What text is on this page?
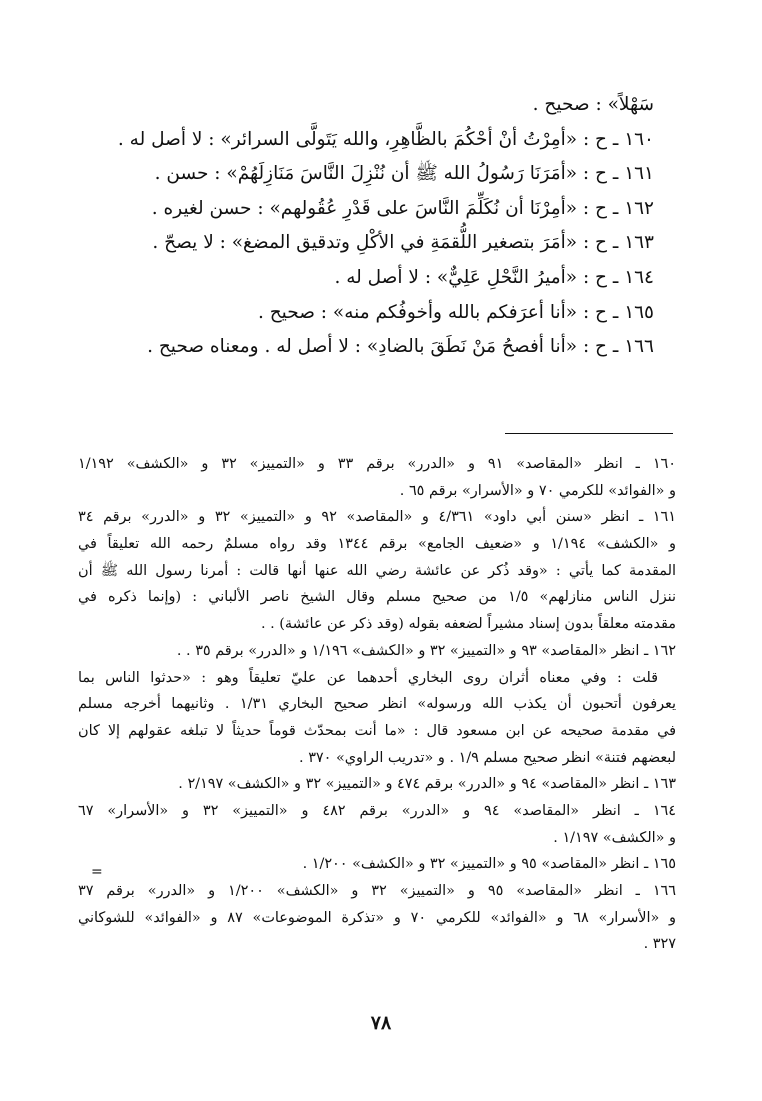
سَهْلاً» : صحيح .
١٦٠ ـ ح : «أمِرْتُ أنْ أحْكُمَ بالظَّاهِرِ، والله يَتَولَّى السرائر» : لا أصل له .
١٦١ ـ ح : «أمَرَنَا رَسُولُ الله ﷺ أن نُنْزِلَ النَّاسَ مَنَازِلَهُمْ» : حسن .
١٦٢ ـ ح : «أمِرْنَا أن نُكَلِّمَ النَّاسَ على قَدْرِ عُقُولهم» : حسن لغيره .
١٦٣ ـ ح : «أمَرَ بتصغير اللُّقمَةِ في الأكْلِ وتدقيق المضغ» : لا يصحّ .
١٦٤ ـ ح : «أميرُ النَّحْلِ عَلِيٌّ» : لا أصل له .
١٦٥ ـ ح : «أنا أعرَفكم بالله وأخوفُكم منه» : صحيح .
١٦٦ ـ ح : «أنا أفصحُ مَنْ نَطَقَ بالضادِ» : لا أصل له . ومعناه صحيح .
١٦٠ ـ انظر «المقاصد» ٩١ و «الدرر» برقم ٣٣ و «التمييز» ٣٢ و «الكشف» ١/١٩٢
و «الفوائد» للكرمي ٧٠ و «الأسرار» برقم ٦٥ .
١٦١ ـ انظر «سنن أبي داود» ٤/٣٦١ و «المقاصد» ٩٢ و «التمييز» ٣٢ و «الدرر» برقم ٣٤
و «الكشف» ١/١٩٤ و «ضعيف الجامع» برقم ١٣٤٤ وقد رواه مسلمٌ رحمه الله تعليقاً في
المقدمة كما يأتي : «وقد ذُكر عن عائشة رضي الله عنها أنها قالت : أمرنا رسول الله ﷺ أن
ننزل الناس منازلهم» ١/٥ من صحيح مسلم وقال الشيخ ناصر الألباني : (وإنما ذكره في
مقدمته معلقاً بدون إسناد مشيراً لضعفه بقوله (وقد ذكر عن عائشة) . .
١٦٢ ـ انظر «المقاصد» ٩٣ و «التمييز» ٣٢ و «الكشف» ١/١٩٦ و «الدرر» برقم ٣٥ . .
قلت : وفي معناه أثران روى البخاري أحدهما عن عليّ تعليقاً وهو : «حدثوا الناس بما
يعرفون أتحبون أن يكذب الله ورسوله» انظر صحيح البخاري ١/٣١ . وثانيهما أخرجه مسلم
في مقدمة صحيحه عن ابن مسعود قال : «ما أنت بمحدّث قوماً حديثاً لا تبلغه عقولهم إلا كان
لبعضهم فتنة» انظر صحيح مسلم ١/٩ . و «تدريب الراوي» ٣٧٠ .
١٦٣ ـ انظر «المقاصد» ٩٤ و «الدرر» برقم ٤٧٤ و «التمييز» ٣٢ و «الكشف» ٢/١٩٧ .
١٦٤ ـ انظر «المقاصد» ٩٤ و «الدرر» برقم ٤٨٢ و «التمييز» ٣٢ و «الأسرار» ٦٧
و «الكشف» ١/١٩٧ .
١٦٥ ـ انظر «المقاصد» ٩٥ و «التمييز» ٣٢ و «الكشف» ١/٢٠٠ .
١٦٦ ـ انظر «المقاصد» ٩٥ و «التمييز» ٣٢ و «الكشف» ١/٢٠٠ و «الدرر» برقم ٣٧
و «الأسرار» ٦٨ و «الفوائد» للكرمي ٧٠ و «تذكرة الموضوعات» ٨٧ و «الفوائد» للشوكاني
٣٢٧ .
=
٧٨
